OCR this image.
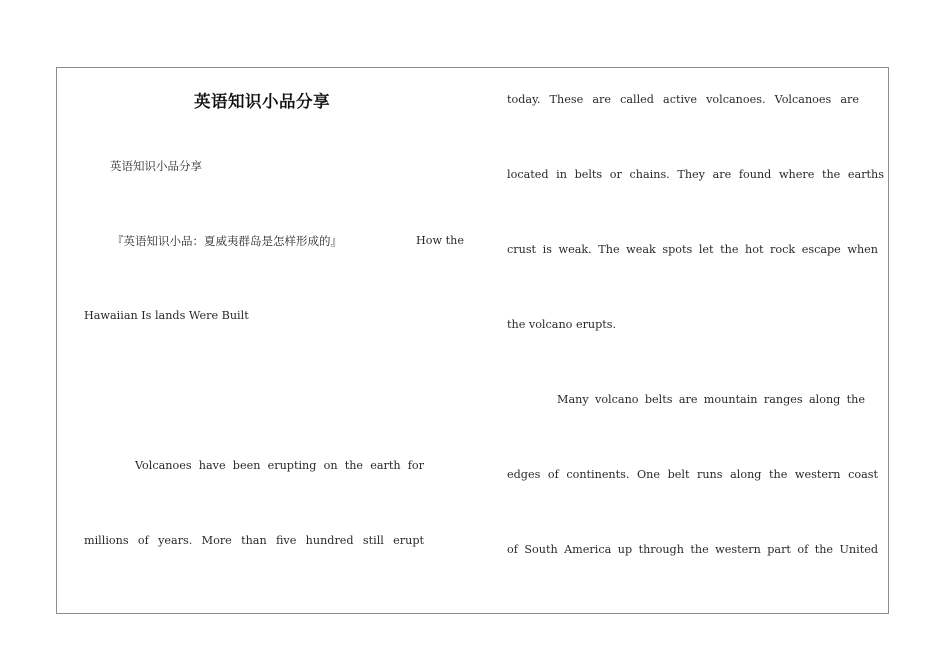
英语知识小品分享
英语知识小品分享
『英语知识小品：夏威夷群岛是怎样形成的』	How the
Hawaiian Is lands Were Built
Volcanoes have been erupting on the earth for
millions of years. More than five hundred still erupt
today. These are called active volcanoes. Volcanoes are
located in belts or chains. They are found where the earths
crust is weak. The weak spots let the hot rock escape when
the volcano erupts.
Many volcano belts are mountain ranges along the
edges of continents. One belt runs along the western coast
of South America up through the western part of the United
